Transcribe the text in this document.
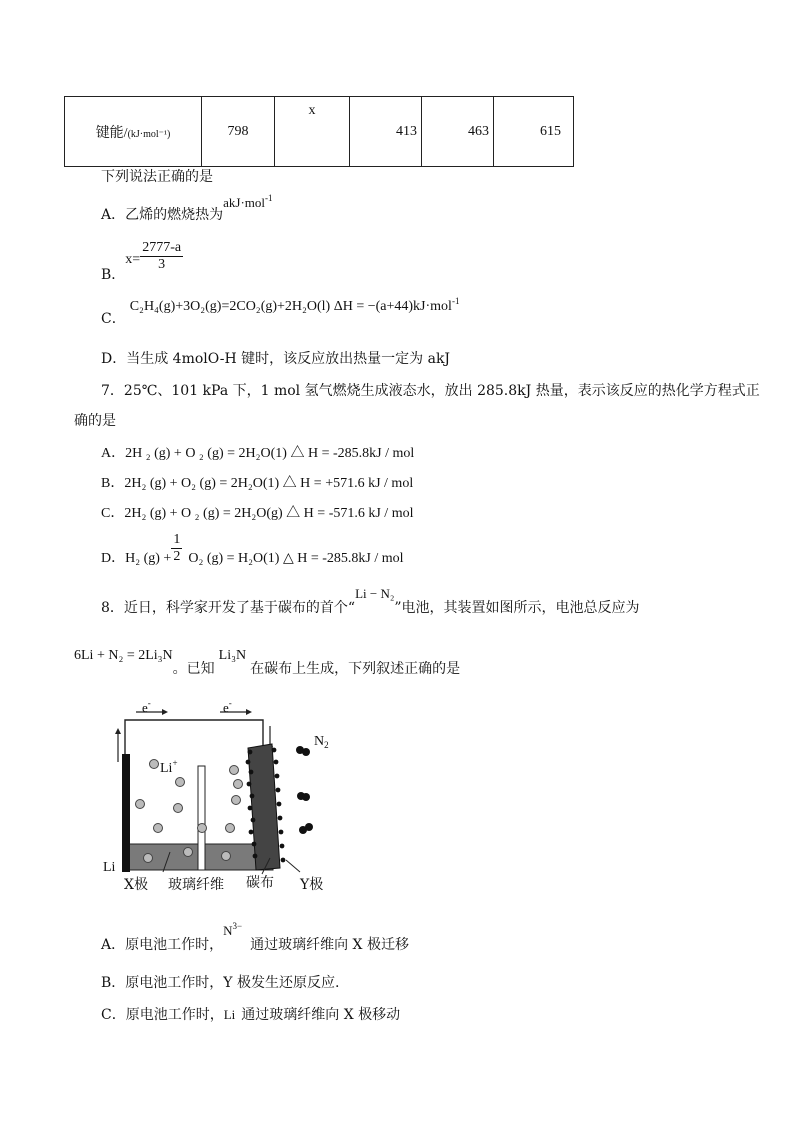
键能/(kJ·mol⁻¹)	798	x	413	463	615
下列说法正确的是
A．乙烯的燃烧热为akJ·mol$^{-1}$
B．$x= \frac{2777-a}{3}$
C．C₂H₄(g)+3O₂(g)=2CO₂(g)+2H₂O(l) ΔH = −(a+44)kJ·mol$^{-1}$
D．当生成 4molO-H 键时，该反应放出热量一定为 akJ
7．25℃、101 kPa 下，1 mol 氢气燃烧生成液态水，放出 285.8kJ 热量，表示该反应的热化学方程式正
确的是
A．2H ₂ (g) + O ₂ (g) = 2H₂O(1) △ H = -285.8kJ / mol
B．2H₂ (g) + O₂ (g) = 2H₂O(1) △ H = +571.6 kJ / mol
C．2H₂ (g) + O ₂ (g) = 2H₂O(g) △ H = -571.6 kJ / mol
D．H₂ $(g) + \frac{1}{2} O_2$ (g) = H₂O(1) △ H = -285.8kJ / mol
8．近日，科学家开发了基于碳布的首个“Li − N₂”电池，其装置如图所示，电池总反应为
6Li + N₂ = 2Li₃N。已知Li₃N在碳布上生成，下列叙述正确的是
e-	e-
Li+
$N_2$
Li
X极 玻璃纤维 碳布 Y极
A．原电池工作时，$N^{3-}$通过玻璃纤维向 X 极迁移
B．原电池工作时，Y 极发生还原反应.
C．原电池工作时，Li 通过玻璃纤维向 X 极移动
